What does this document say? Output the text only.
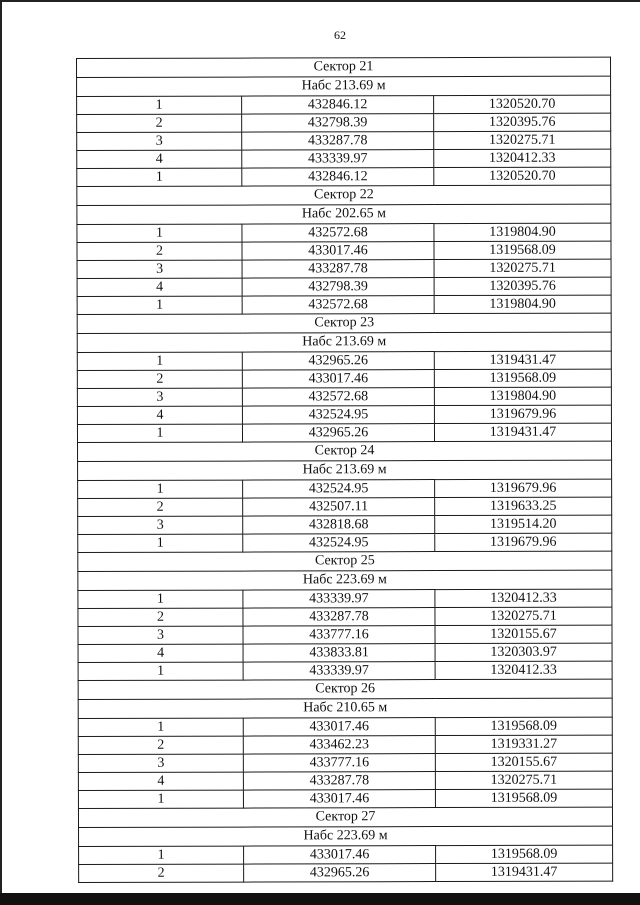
62
Сектор 21		
Набс 213.69 м		
1	432846.12	1320520.70
2	432798.39	1320395.76
3	433287.78	1320275.71
4	433339.97	1320412.33
1	432846.12	1320520.70
Сектор 22		
Набс 202.65 м		
1	432572.68	1319804.90
2	433017.46	1319568.09
3	433287.78	1320275.71
4	432798.39	1320395.76
1	432572.68	1319804.90
Сектор 23		
Набс 213.69 м		
1	432965.26	1319431.47
2	433017.46	1319568.09
3	432572.68	1319804.90
4	432524.95	1319679.96
1	432965.26	1319431.47
Сектор 24		
Набс 213.69 м		
1	432524.95	1319679.96
2	432507.11	1319633.25
3	432818.68	1319514.20
1	432524.95	1319679.96
Сектор 25		
Набс 223.69 м		
1	433339.97	1320412.33
2	433287.78	1320275.71
3	433777.16	1320155.67
4	433833.81	1320303.97
1	433339.97	1320412.33
Сектор 26		
Набс 210.65 м		
1	433017.46	1319568.09
2	433462.23	1319331.27
3	433777.16	1320155.67
4	433287.78	1320275.71
1	433017.46	1319568.09
Сектор 27		
Набс 223.69 м		
1	433017.46	1319568.09
2	432965.26	1319431.47
